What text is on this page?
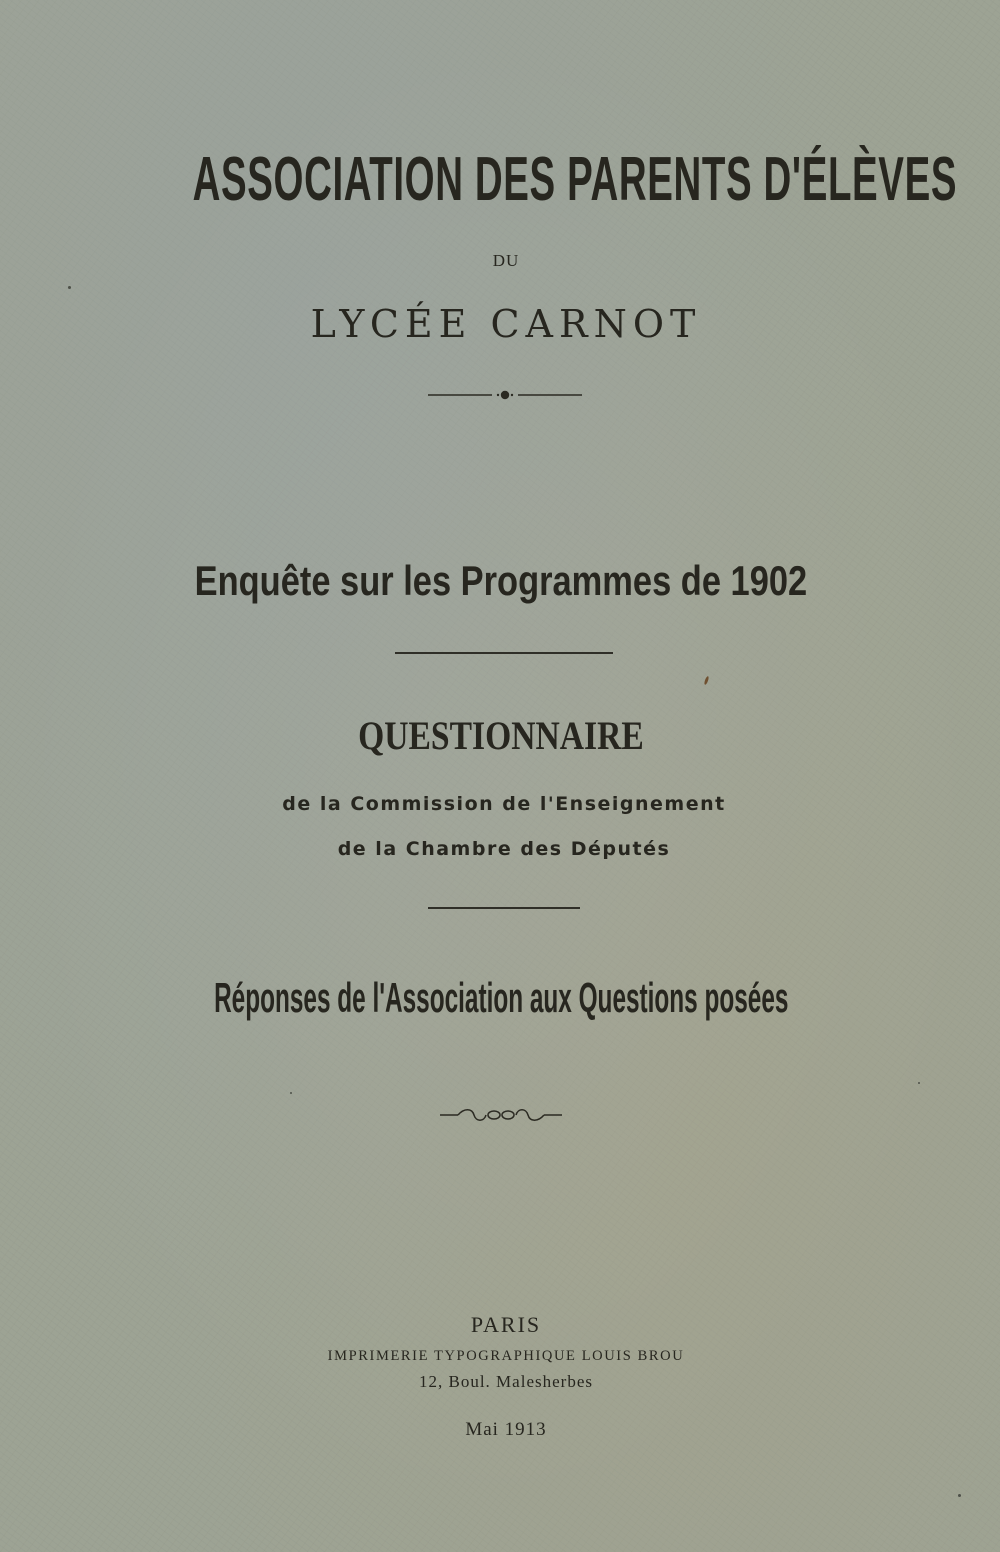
ASSOCIATION DES PARENTS D'ÉLÈVES
DU
LYCÉE CARNOT
Enquête sur les Programmes de 1902
QUESTIONNAIRE
de la Commission de l'Enseignement
de la Chambre des Députés
Réponses de l'Association aux Questions posées
PARIS
IMPRIMERIE TYPOGRAPHIQUE LOUIS BROU
12, Boul. Malesherbes
Mai 1913
